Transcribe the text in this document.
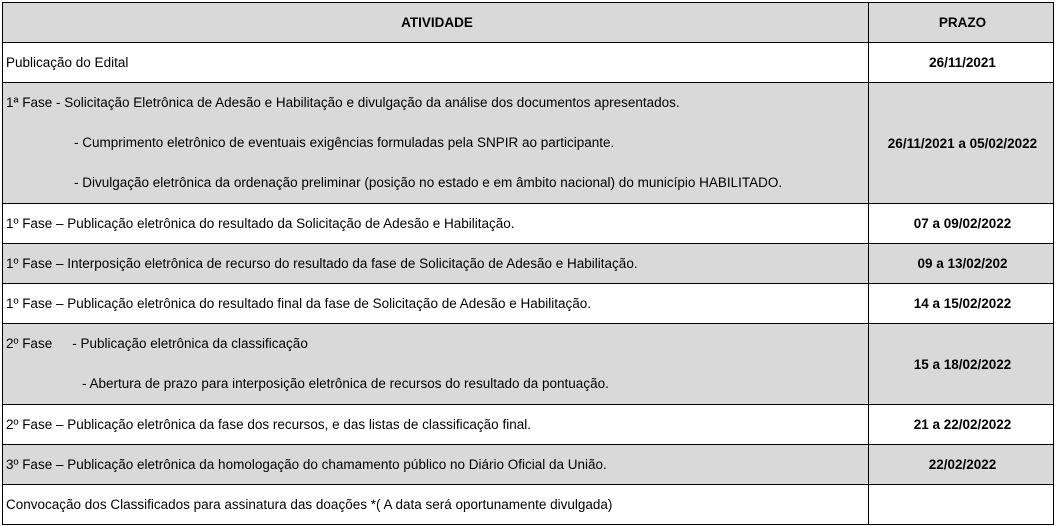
ATIVIDADE	PRAZO
Publicação do Edital	26/11/2021

1ª Fase - Solicitação Eletrônica de Adesão e Habilitação e divulgação da análise dos documentos apresentados.
- Cumprimento eletrônico de eventuais exigências formuladas pela SNPIR ao participante.
- Divulgação eletrônica da ordenação preliminar (posição no estado e em âmbito nacional) do município HABILITADO.	26/11/2021 a 05/02/2022
1º Fase – Publicação eletrônica do resultado da Solicitação de Adesão e Habilitação.	07 a 09/02/2022
1º Fase – Interposição eletrônica de recurso do resultado da fase de Solicitação de Adesão e Habilitação.	09 a 13/02/202
1º Fase – Publicação eletrônica do resultado final da fase de Solicitação de Adesão e Habilitação.	14 a 15/02/2022

2º Fase - Publicação eletrônica da classificação
- Abertura de prazo para interposição eletrônica de recursos do resultado da pontuação.	15 a 18/02/2022
2º Fase – Publicação eletrônica da fase dos recursos, e das listas de classificação final.	21 a 22/02/2022
3º Fase – Publicação eletrônica da homologação do chamamento público no Diário Oficial da União.	22/02/2022
Convocação dos Classificados para assinatura das doações *( A data será oportunamente divulgada)	
